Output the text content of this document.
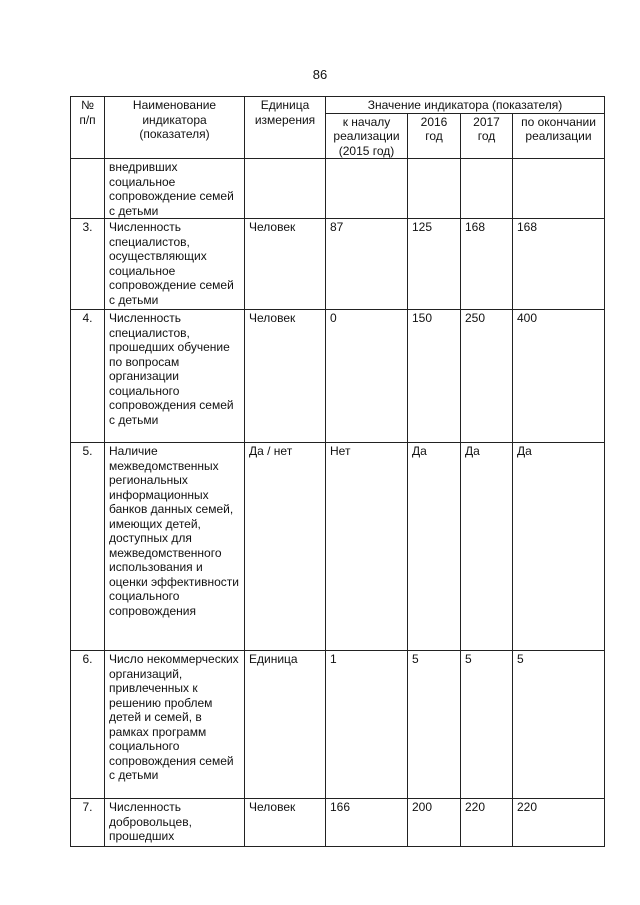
86
№ п/п	Наименование индикатора (показателя)	Единица измерения	Значение индикатора (показателя)			
			к началу реализации (2015 год)	2016 год	2017 год	по окончании реализации
	внедривших социальное сопровождение семей с детьми					
3.	Численность специалистов, осуществляющих социальное сопровождение семей с детьми	Человек	87	125	168	168
4.	Численность специалистов, прошедших обучение по вопросам организации социального сопровождения семей с детьми	Человек	0	150	250	400
5.	Наличие межведомственных региональных информационных банков данных семей, имеющих детей, доступных для межведомственного использования и оценки эффективности социального сопровождения	Да / нет	Нет	Да	Да	Да
6.	Число некоммерческих организаций, привлеченных к решению проблем детей и семей, в рамках программ социального сопровождения семей с детьми	Единица	1	5	5	5
7.	Численность добровольцев, прошедших	Человек	166	200	220	220
